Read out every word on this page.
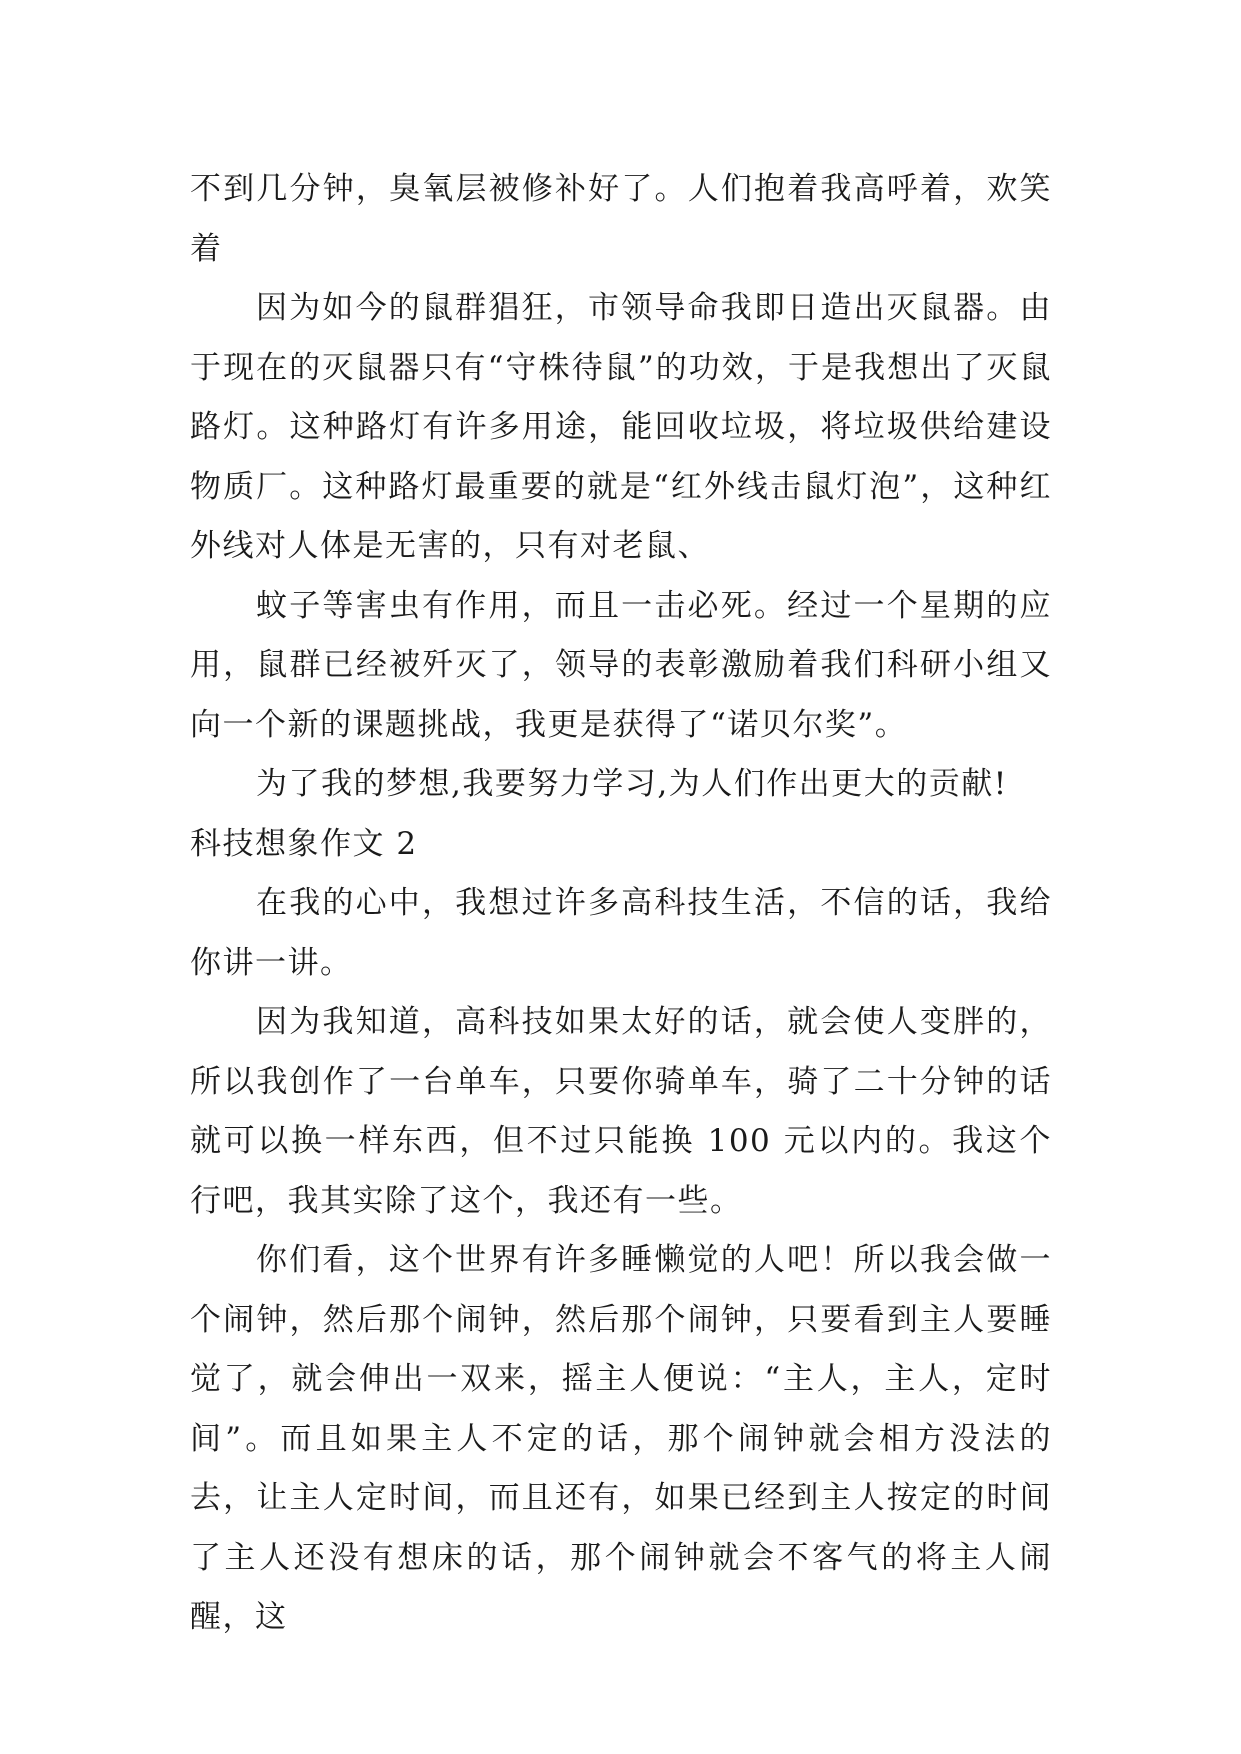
不到几分钟，臭氧层被修补好了。人们抱着我高呼着，欢笑着

因为如今的鼠群猖狂，市领导命我即日造出灭鼠器。由于现在的灭鼠器只有“守株待鼠”的功效，于是我想出了灭鼠路灯。这种路灯有许多用途，能回收垃圾，将垃圾供给建设物质厂。这种路灯最重要的就是“红外线击鼠灯泡”，这种红外线对人体是无害的，只有对老鼠、

蚊子等害虫有作用，而且一击必死。经过一个星期的应用，鼠群已经被歼灭了，领导的表彰激励着我们科研小组又向一个新的课题挑战，我更是获得了“诺贝尔奖”。

为了我的梦想,我要努力学习,为人们作出更大的贡献!

科技想象作文 2

在我的心中，我想过许多高科技生活，不信的话，我给你讲一讲。

因为我知道，高科技如果太好的话，就会使人变胖的，所以我创作了一台单车，只要你骑单车，骑了二十分钟的话就可以换一样东西，但不过只能换 100 元以内的。我这个行吧，我其实除了这个，我还有一些。

你们看，这个世界有许多睡懒觉的人吧！所以我会做一个闹钟，然后那个闹钟，然后那个闹钟，只要看到主人要睡觉了，就会伸出一双来，摇主人便说：“主人，主人，定时间”。而且如果主人不定的话，那个闹钟就会相方没法的去，让主人定时间，而且还有，如果已经到主人按定的时间了主人还没有想床的话，那个闹钟就会不客气的将主人闹醒，这
